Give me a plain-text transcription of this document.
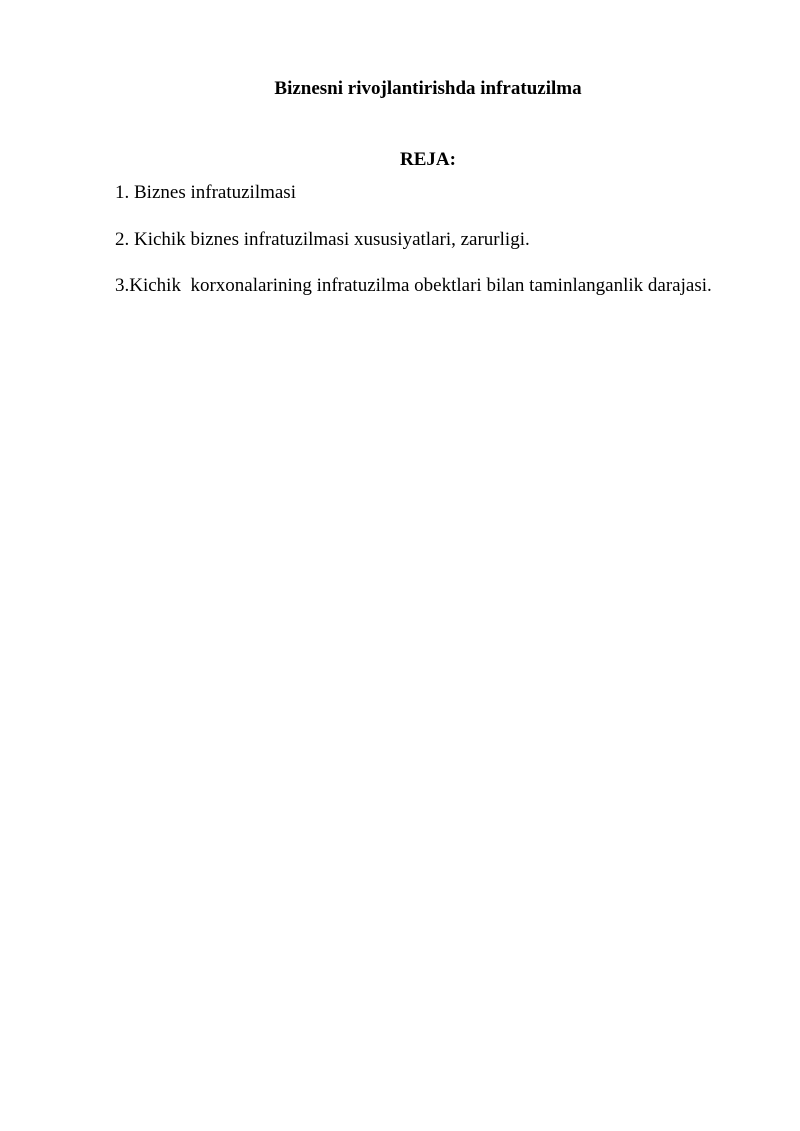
Biznesni rivojlantirishda infratuzilma
REJA:
1. Biznes infratuzilmasi
2. Kichik biznes infratuzilmasi xususiyatlari, zarurligi.
3.Kichik  korxonalarining infratuzilma obektlari bilan taminlanganlik darajasi.
